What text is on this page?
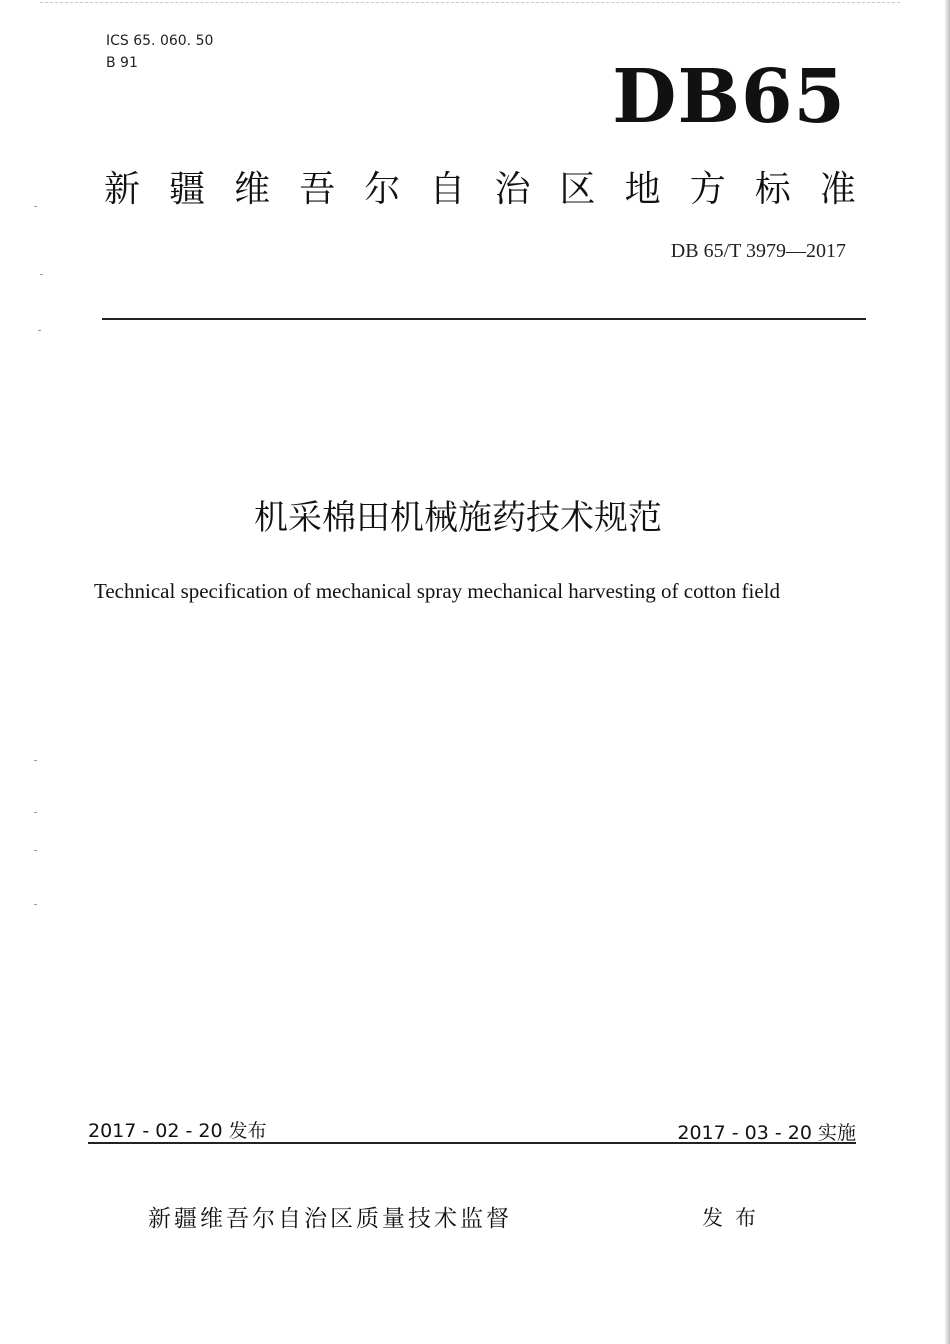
ICS 65. 060. 50
B 91	DB65
新 疆 维 吾 尔 自 治 区 地 方 标 准
DB 65/T 3979—2017
机采棉田机械施药技术规范
Technical specification of mechanical spray mechanical harvesting of cotton field
2017 - 02 - 20 发布	2017 - 03 - 20 实施
新疆维吾尔自治区质量技术监督	发布
